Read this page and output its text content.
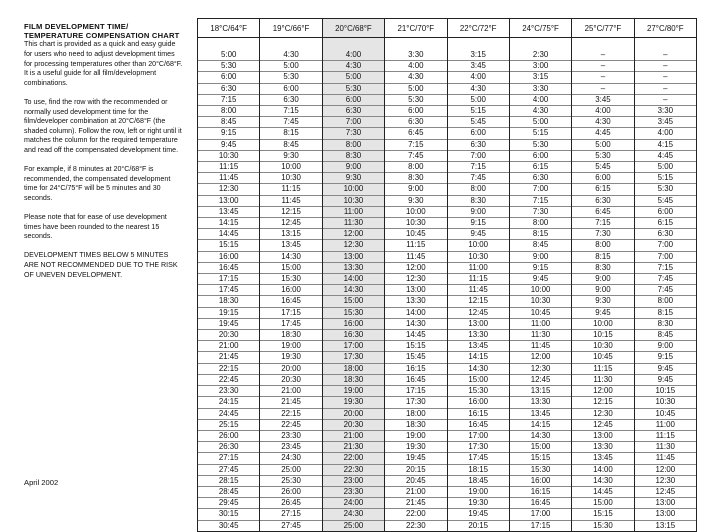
FILM DEVELOPMENT TIME/ TEMPERATURE COMPENSATION CHART

This chart is provided as a quick and easy guide for users who need to adjust development times for processing temperatures other than 20°C/68°F. It is a useful guide for all film/development combinations.

To use, find the row with the recommended or normally used development time for the film/developer combination at 20°C/68°F (the shaded column). Follow the row, left or right until it matches the column for the required temperature and read off the compensated development time.

For example, if 8 minutes at 20°C/68°F is recommended, the compensated development time for 24°C/75°F will be 5 minutes and 30 seconds.

Please note that for ease of use development times have been rounded to the nearest 15 seconds.

DEVELOPMENT TIMES BELOW 5 MINUTES ARE NOT RECOMMENDED DUE TO THE RISK OF UNEVEN DEVELOPMENT.

April 2002
18°C/64°F	19°C/66°F	20°C/68°F	21°C/70°F	22°C/72°F	24°C/75°F	25°C/77°F	27°C/80°F
5:00	4:30	4:00	3:30	3:15	2:30	–	–
5:30	5:00	4:30	4:00	3:45	3:00	–	–
6:00	5:30	5:00	4:30	4:00	3:15	–	–
6:30	6:00	5:30	5:00	4:30	3:30	–	–
7:15	6:30	6:00	5:30	5:00	4:00	3:45	–
8:00	7:15	6:30	6:00	5:15	4:30	4:00	3:30
8:45	7:45	7:00	6:30	5:45	5:00	4:30	3:45
9:15	8:15	7:30	6:45	6:00	5:15	4:45	4:00
9:45	8:45	8:00	7:15	6:30	5:30	5:00	4:15
10:30	9:30	8:30	7:45	7:00	6:00	5:30	4:45
11:15	10:00	9:00	8:00	7:15	6:15	5:45	5:00
11:45	10:30	9:30	8:30	7:45	6:30	6:00	5:15
12:30	11:15	10:00	9:00	8:00	7:00	6:15	5:30
13:00	11:45	10:30	9:30	8:30	7:15	6:30	5:45
13:45	12:15	11:00	10:00	9:00	7:30	6:45	6:00
14:15	12:45	11:30	10:30	9:15	8:00	7:15	6:15
14:45	13:15	12:00	10:45	9:45	8:15	7:30	6:30
15:15	13:45	12:30	11:15	10:00	8:45	8:00	7:00
16:00	14:30	13:00	11:45	10:30	9:00	8:15	7:00
16:45	15:00	13:30	12:00	11:00	9:15	8:30	7:15
17:15	15:30	14:00	12:30	11:15	9:45	9:00	7:45
17:45	16:00	14:30	13:00	11:45	10:00	9:00	7:45
18:30	16:45	15:00	13:30	12:15	10:30	9:30	8:00
19:15	17:15	15:30	14:00	12:45	10:45	9:45	8:15
19:45	17:45	16:00	14:30	13:00	11:00	10:00	8:30
20:30	18:30	16:30	14:45	13:30	11:30	10:15	8:45
21:00	19:00	17:00	15:15	13:45	11:45	10:30	9:00
21:45	19:30	17:30	15:45	14:15	12:00	10:45	9:15
22:15	20:00	18:00	16:15	14:30	12:30	11:15	9:45
22:45	20:30	18:30	16:45	15:00	12:45	11:30	9:45
23:30	21:00	19:00	17:15	15:30	13:15	12:00	10:15
24:15	21:45	19:30	17:30	16:00	13:30	12:15	10:30
24:45	22:15	20:00	18:00	16:15	13:45	12:30	10:45
25:15	22:45	20:30	18:30	16:45	14:15	12:45	11:00
26:00	23:30	21:00	19:00	17:00	14:30	13:00	11:15
26:30	23:45	21:30	19:30	17:30	15:00	13:30	11:30
27:15	24:30	22:00	19:45	17:45	15:15	13:45	11:45
27:45	25:00	22:30	20:15	18:15	15:30	14:00	12:00
28:15	25:30	23:00	20:45	18:45	16:00	14:30	12:30
28:45	26:00	23:30	21:00	19:00	16:15	14:45	12:45
29:45	26:45	24:00	21:45	19:30	16:45	15:00	13:00
30:15	27:15	24:30	22:00	19:45	17:00	15:15	13:00
30:45	27:45	25:00	22:30	20:15	17:15	15:30	13:15
